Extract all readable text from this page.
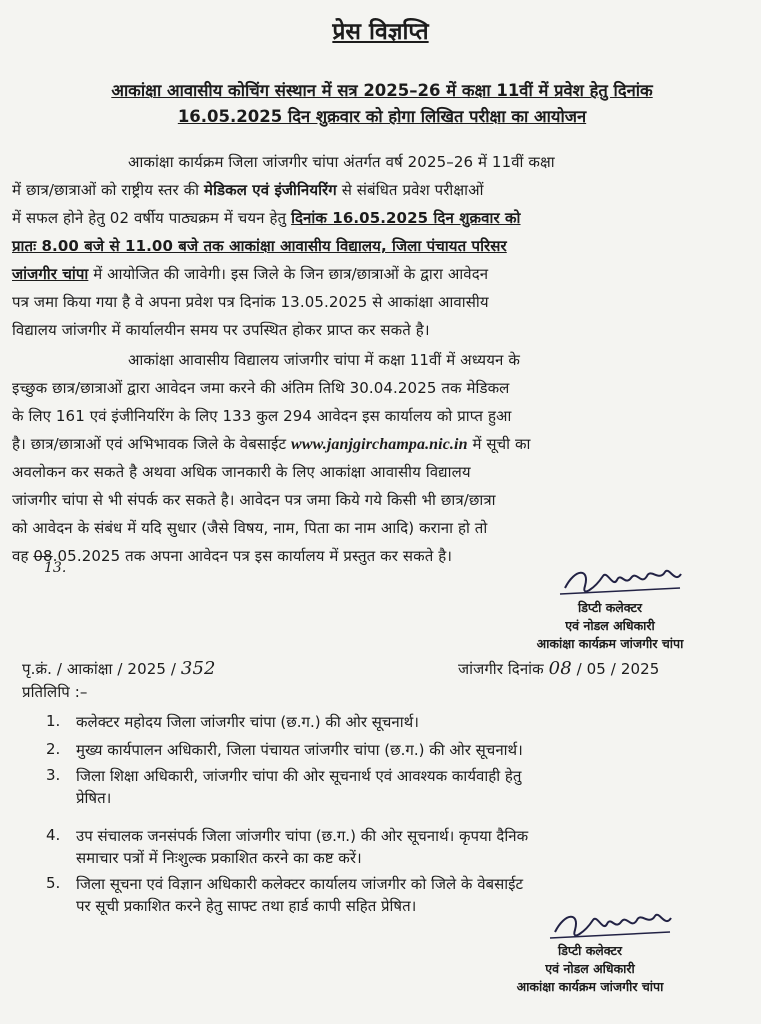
प्रेस विज्ञप्ति
आकांक्षा आवासीय कोचिंग संस्थान में सत्र 2025–26 में कक्षा 11वीं में प्रवेश हेतु दिनांक
16.05.2025 दिन शुक्रवार को होगा लिखित परीक्षा का आयोजन
आकांक्षा कार्यक्रम जिला जांजगीर चांपा अंतर्गत वर्ष 2025–26 में 11वीं कक्षा
में छात्र/छात्राओं को राष्ट्रीय स्तर की मेडिकल एवं इंजीनियरिंग से संबंधित प्रवेश परीक्षाओं
में सफल होने हेतु 02 वर्षीय पाठ्यक्रम में चयन हेतु दिनांक 16.05.2025 दिन शुक्रवार को
प्रातः 8.00 बजे से 11.00 बजे तक आकांक्षा आवासीय विद्यालय, जिला पंचायत परिसर
जांजगीर चांपा में आयोजित की जावेगी। इस जिले के जिन छात्र/छात्राओं के द्वारा आवेदन
पत्र जमा किया गया है वे अपना प्रवेश पत्र दिनांक 13.05.2025 से आकांक्षा आवासीय
विद्यालय जांजगीर में कार्यालयीन समय पर उपस्थित होकर प्राप्त कर सकते है।
आकांक्षा आवासीय विद्यालय जांजगीर चांपा में कक्षा 11वीं में अध्ययन के
इच्छुक छात्र/छात्राओं द्वारा आवेदन जमा करने की अंतिम तिथि 30.04.2025 तक मेडिकल
के लिए 161 एवं इंजीनियरिंग के लिए 133 कुल 294 आवेदन इस कार्यालय को प्राप्त हुआ
है। छात्र/छात्राओं एवं अभिभावक जिले के वेबसाईट www.janjgirchampa.nic.in में सूची का
अवलोकन कर सकते है अथवा अधिक जानकारी के लिए आकांक्षा आवासीय विद्यालय
जांजगीर चांपा से भी संपर्क कर सकते है। आवेदन पत्र जमा किये गये किसी भी छात्र/छात्रा
को आवेदन के संबंध में यदि सुधार (जैसे विषय, नाम, पिता का नाम आदि) कराना हो तो
वह 08.05.2025 तक अपना आवेदन पत्र इस कार्यालय में प्रस्तुत कर सकते है।
13.
डिप्टी कलेक्टर
एवं नोडल अधिकारी
आकांक्षा कार्यक्रम जांजगीर चांपा
पृ.क्रं. / आकांक्षा / 2025 / 352	जांजगीर दिनांक 08 / 05 / 2025
प्रतिलिपि :–
1. कलेक्टर महोदय जिला जांजगीर चांपा (छ.ग.) की ओर सूचनार्थ।
2. मुख्य कार्यपालन अधिकारी, जिला पंचायत जांजगीर चांपा (छ.ग.) की ओर सूचनार्थ।
3. जिला शिक्षा अधिकारी, जांजगीर चांपा की ओर सूचनार्थ एवं आवश्यक कार्यवाही हेतु
प्रेषित।
4. उप संचालक जनसंपर्क जिला जांजगीर चांपा (छ.ग.) की ओर सूचनार्थ। कृपया दैनिक
समाचार पत्रों में निःशुल्क प्रकाशित करने का कष्ट करें।
5. जिला सूचना एवं विज्ञान अधिकारी कलेक्टर कार्यालय जांजगीर को जिले के वेबसाईट
पर सूची प्रकाशित करने हेतु साफ्ट तथा हार्ड कापी सहित प्रेषित।
डिप्टी कलेक्टर
एवं नोडल अधिकारी
आकांक्षा कार्यक्रम जांजगीर चांपा
